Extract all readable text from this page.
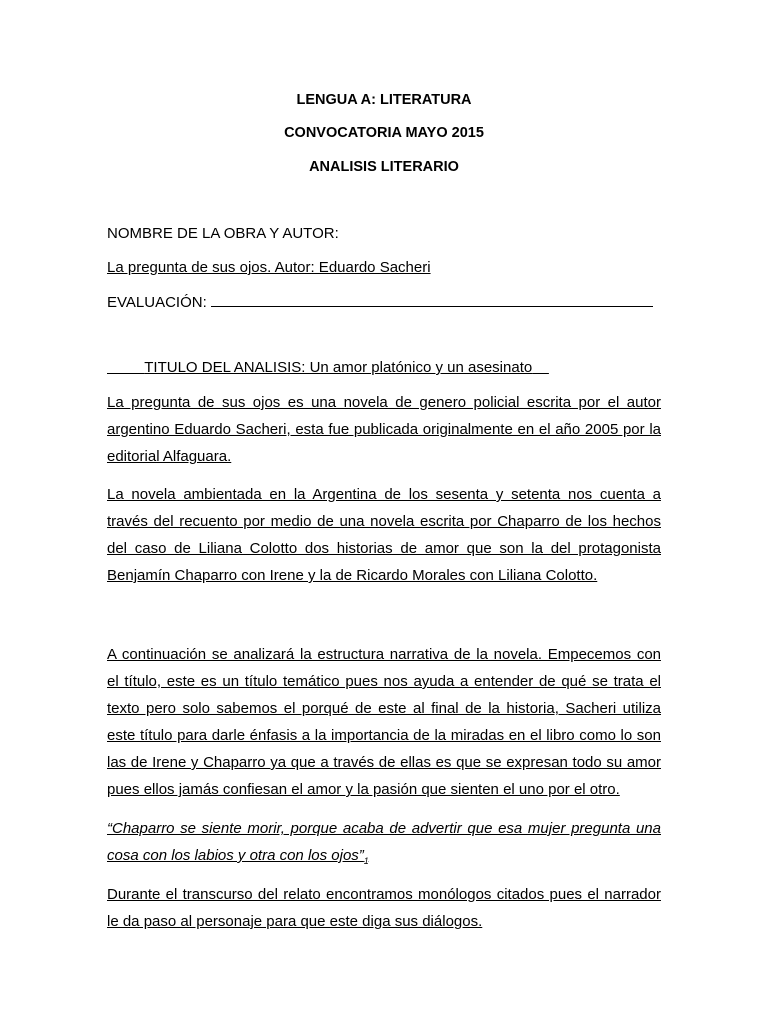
LENGUA A: LITERATURA
CONVOCATORIA MAYO 2015
ANALISIS LITERARIO
NOMBRE DE LA OBRA Y AUTOR:
La pregunta de sus ojos. Autor: Eduardo Sacheri
EVALUACIÓN:
TITULO DEL ANALISIS: Un amor platónico y un asesinato
La pregunta de sus ojos es una novela de genero policial escrita por el autor
argentino Eduardo Sacheri, esta fue publicada originalmente en el año 2005 por la
editorial Alfaguara.
La novela ambientada en la Argentina de los sesenta y setenta nos cuenta a
través del recuento por medio de una novela escrita por Chaparro de los hechos
del caso de Liliana Colotto dos historias de amor que son la del protagonista
Benjamín Chaparro con Irene y la de Ricardo Morales con Liliana Colotto.
A continuación se analizará la estructura narrativa de la novela. Empecemos con
el título, este es un título temático pues nos ayuda a entender de qué se trata el
texto pero solo sabemos el porqué de este al final de la historia, Sacheri utiliza
este título para darle énfasis a la importancia de la miradas en el libro como lo son
las de Irene y Chaparro ya que a través de ellas es que se expresan todo su amor
pues ellos jamás confiesan el amor y la pasión que sienten el uno por el otro.
“Chaparro se siente morir, porque acaba de advertir que esa mujer pregunta una
cosa con los labios y otra con los $ojos”_1$
Durante el transcurso del relato encontramos monólogos citados pues el narrador
le da paso al personaje para que este diga sus diálogos.
